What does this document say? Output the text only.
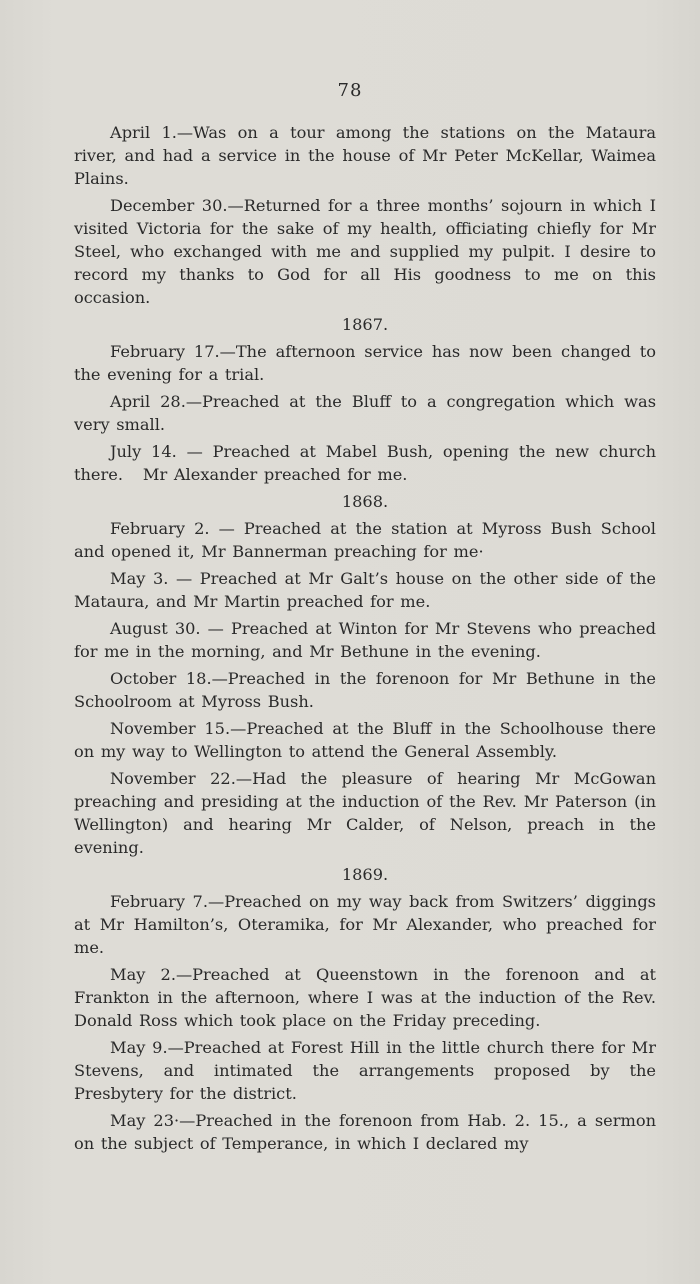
78

April 1.—Was on a tour among the stations on the Mataura river, and had a service in the house of Mr Peter McKellar, Waimea Plains.

December 30.—Returned for a three months’ sojourn in which I visited Victoria for the sake of my health, officiating chiefly for Mr Steel, who exchanged with me and supplied my pulpit. I desire to record my thanks to God for all His goodness to me on this occasion.

1867.

February 17.—The afternoon service has now been changed to the evening for a trial.

April 28.—Preached at the Bluff to a congregation which was very small.

July 14. — Preached at Mabel Bush, opening the new church there.   Mr Alexander preached for me.

1868.

February 2. — Preached at the station at Myross Bush School and opened it, Mr Bannerman preaching for me·

May 3. — Preached at Mr Galt’s house on the other side of the Mataura, and Mr Martin preached for me.

August 30. — Preached at Winton for Mr Stevens who preached for me in the morning, and Mr Bethune in the evening.

October 18.—Preached in the forenoon for Mr Bethune in the Schoolroom at Myross Bush.

November 15.—Preached at the Bluff in the Schoolhouse there on my way to Wellington to attend the General Assembly.

November 22.—Had the pleasure of hearing Mr McGowan preaching and presiding at the induction of the Rev. Mr Paterson (in Wellington) and hearing Mr Calder, of Nelson, preach in the evening.

1869.

February 7.—Preached on my way back from Switzers’ diggings at Mr Hamilton’s, Oteramika, for Mr Alexander, who preached for me.

May 2.—Preached at Queenstown in the forenoon and at Frankton in the afternoon, where I was at the induction of the Rev. Donald Ross which took place on the Friday preceding.

May 9.—Preached at Forest Hill in the little church there for Mr Stevens, and intimated the arrangements proposed by the Presbytery for the district.

May 23·—Preached in the forenoon from Hab. 2. 15., a sermon on the subject of Temperance, in which I declared my
